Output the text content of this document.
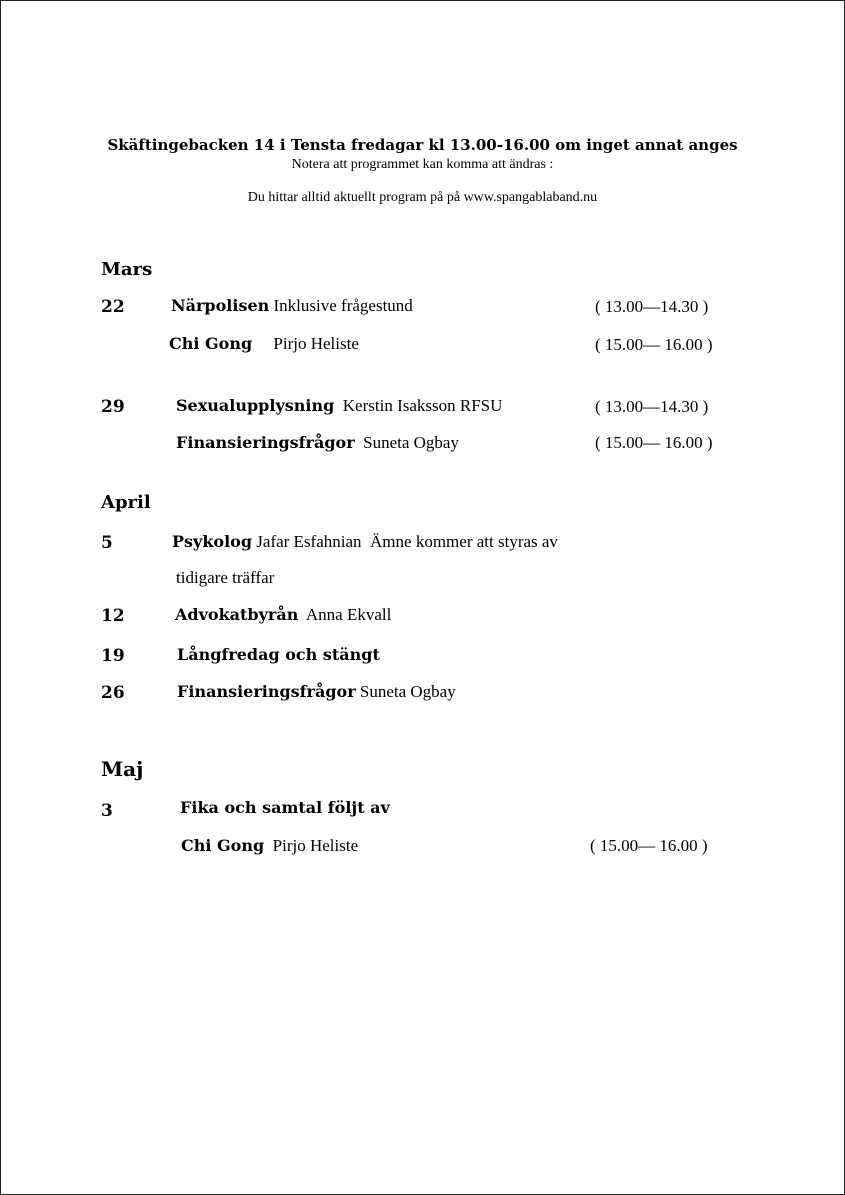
Skäftingebacken 14 i Tensta fredagar kl 13.00-16.00 om inget annat anges
Notera att programmet kan komma att ändras :
Du hittar alltid aktuellt program på på www.spangablaband.nu
Mars
22	Närpolisen Inklusive frågestund	( 13.00—14.30 )
Chi Gong     Pirjo Heliste	( 15.00— 16.00 )
29	Sexualupplysning  Kerstin Isaksson RFSU	( 13.00—14.30 )
Finansieringsfrågor  Suneta Ogbay	( 15.00— 16.00 )
April
5	Psykolog Jafar Esfahnian  Ämne kommer att styras av
tidigare träffar
12	Advokatbyrån  Anna Ekvall
19	Långfredag och stängt
26	Finansieringsfrågor Suneta Ogbay
Maj
3	Fika och samtal följt av
Chi Gong  Pirjo Heliste	( 15.00— 16.00 )
